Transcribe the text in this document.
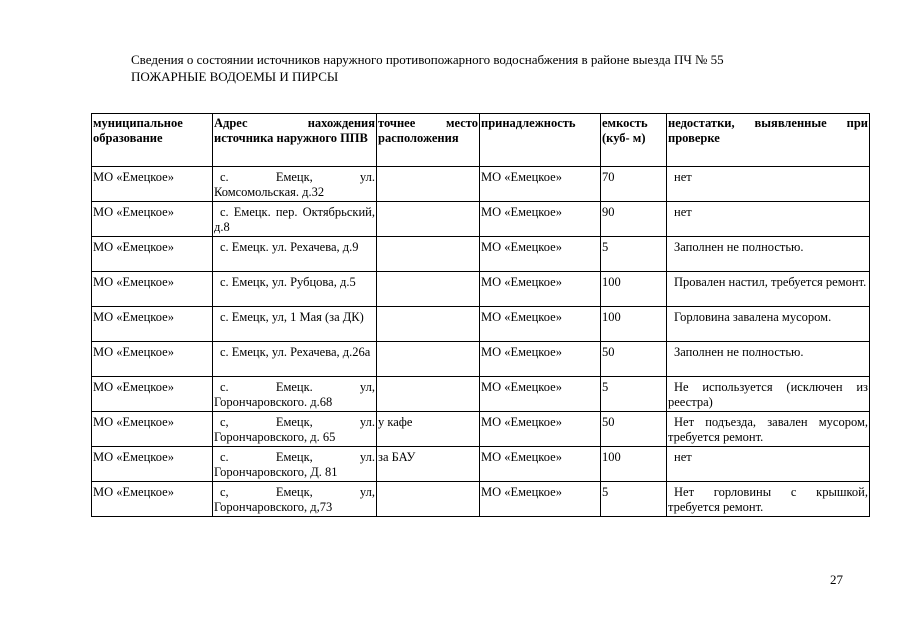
Сведения о состоянии источников наружного противопожарного водоснабжения в районе выезда ПЧ № 55
ПОЖАРНЫЕ ВОДОЕМЫ И ПИРСЫ
муниципальное образование	Адрес нахождения источника наружного ППВ	точнее место расположения	принадлежность	емкость (куб- м)	недостатки, выявленные при проверке
МО «Емецкое»	с. Емецк, ул. Комсомольская. д.32		МО «Емецкое»	70	нет
МО «Емецкое»	с. Емецк. пер. Октябрьский, д.8		МО «Емецкое»	90	нет
МО «Емецкое»	с. Емецк. ул. Рехачева, д.9		МО «Емецкое»	5	Заполнен не полностью.
МО «Емецкое»	с. Емецк, ул. Рубцова, д.5		МО «Емецкое»	100	Провален настил, требуется ремонт.
МО «Емецкое»	с. Емецк, ул, 1 Мая (за ДК)		МО «Емецкое»	100	Горловина завалена мусором.
МО «Емецкое»	с. Емецк, ул. Рехачева, д.26а		МО «Емецкое»	50	Заполнен не полностью.
МО «Емецкое»	с. Емецк. ул, Горончаровского. д.68		МО «Емецкое»	5	Не используется (исключен из реестра)
МО «Емецкое»	с, Емецк, ул. Горончаровского, д. 65	у кафе	МО «Емецкое»	50	Нет подъезда, завален мусором, требуется ремонт.
МО «Емецкое»	с. Емецк, ул. Горончаровского, Д. 81	за БАУ	МО «Емецкое»	100	нет
МО «Емецкое»	с, Емецк, ул, Горончаровского, д,73		МО «Емецкое»	5	Нет горловины с крышкой, требуется ремонт.
27
